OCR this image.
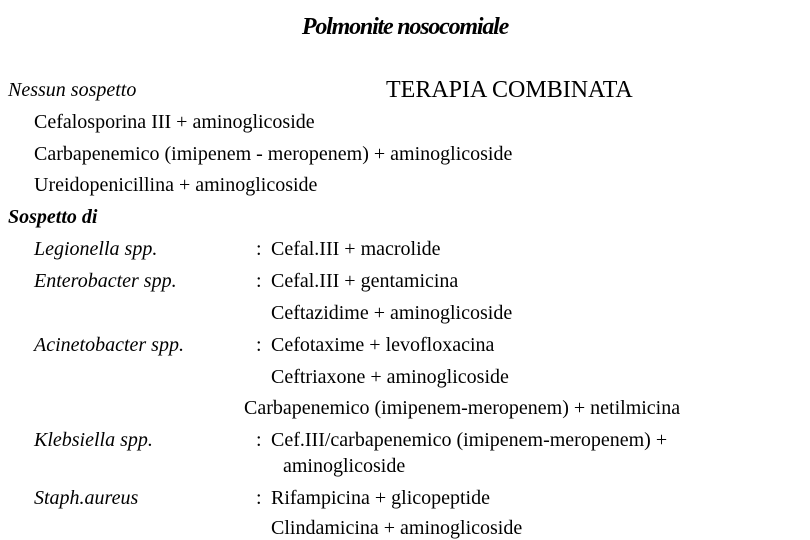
Polmonite nosocomiale
Nessun sospetto	TERAPIA COMBINATA
Cefalosporina III + aminoglicoside
Carbapenemico (imipenem - meropenem) + aminoglicoside
Ureidopenicillina + aminoglicoside
Sospetto di
Legionella spp.	: Cefal.III + macrolide
Enterobacter spp.	: Cefal.III + gentamicina
Ceftazidime + aminoglicoside
Acinetobacter spp.	: Cefotaxime + levofloxacina
Ceftriaxone + aminoglicoside
Carbapenemico (imipenem-meropenem) + netilmicina
Klebsiella spp.	: Cef.III/carbapenemico (imipenem-meropenem) +
aminoglicoside
Staph.aureus	: Rifampicina + glicopeptide
Clindamicina + aminoglicoside
